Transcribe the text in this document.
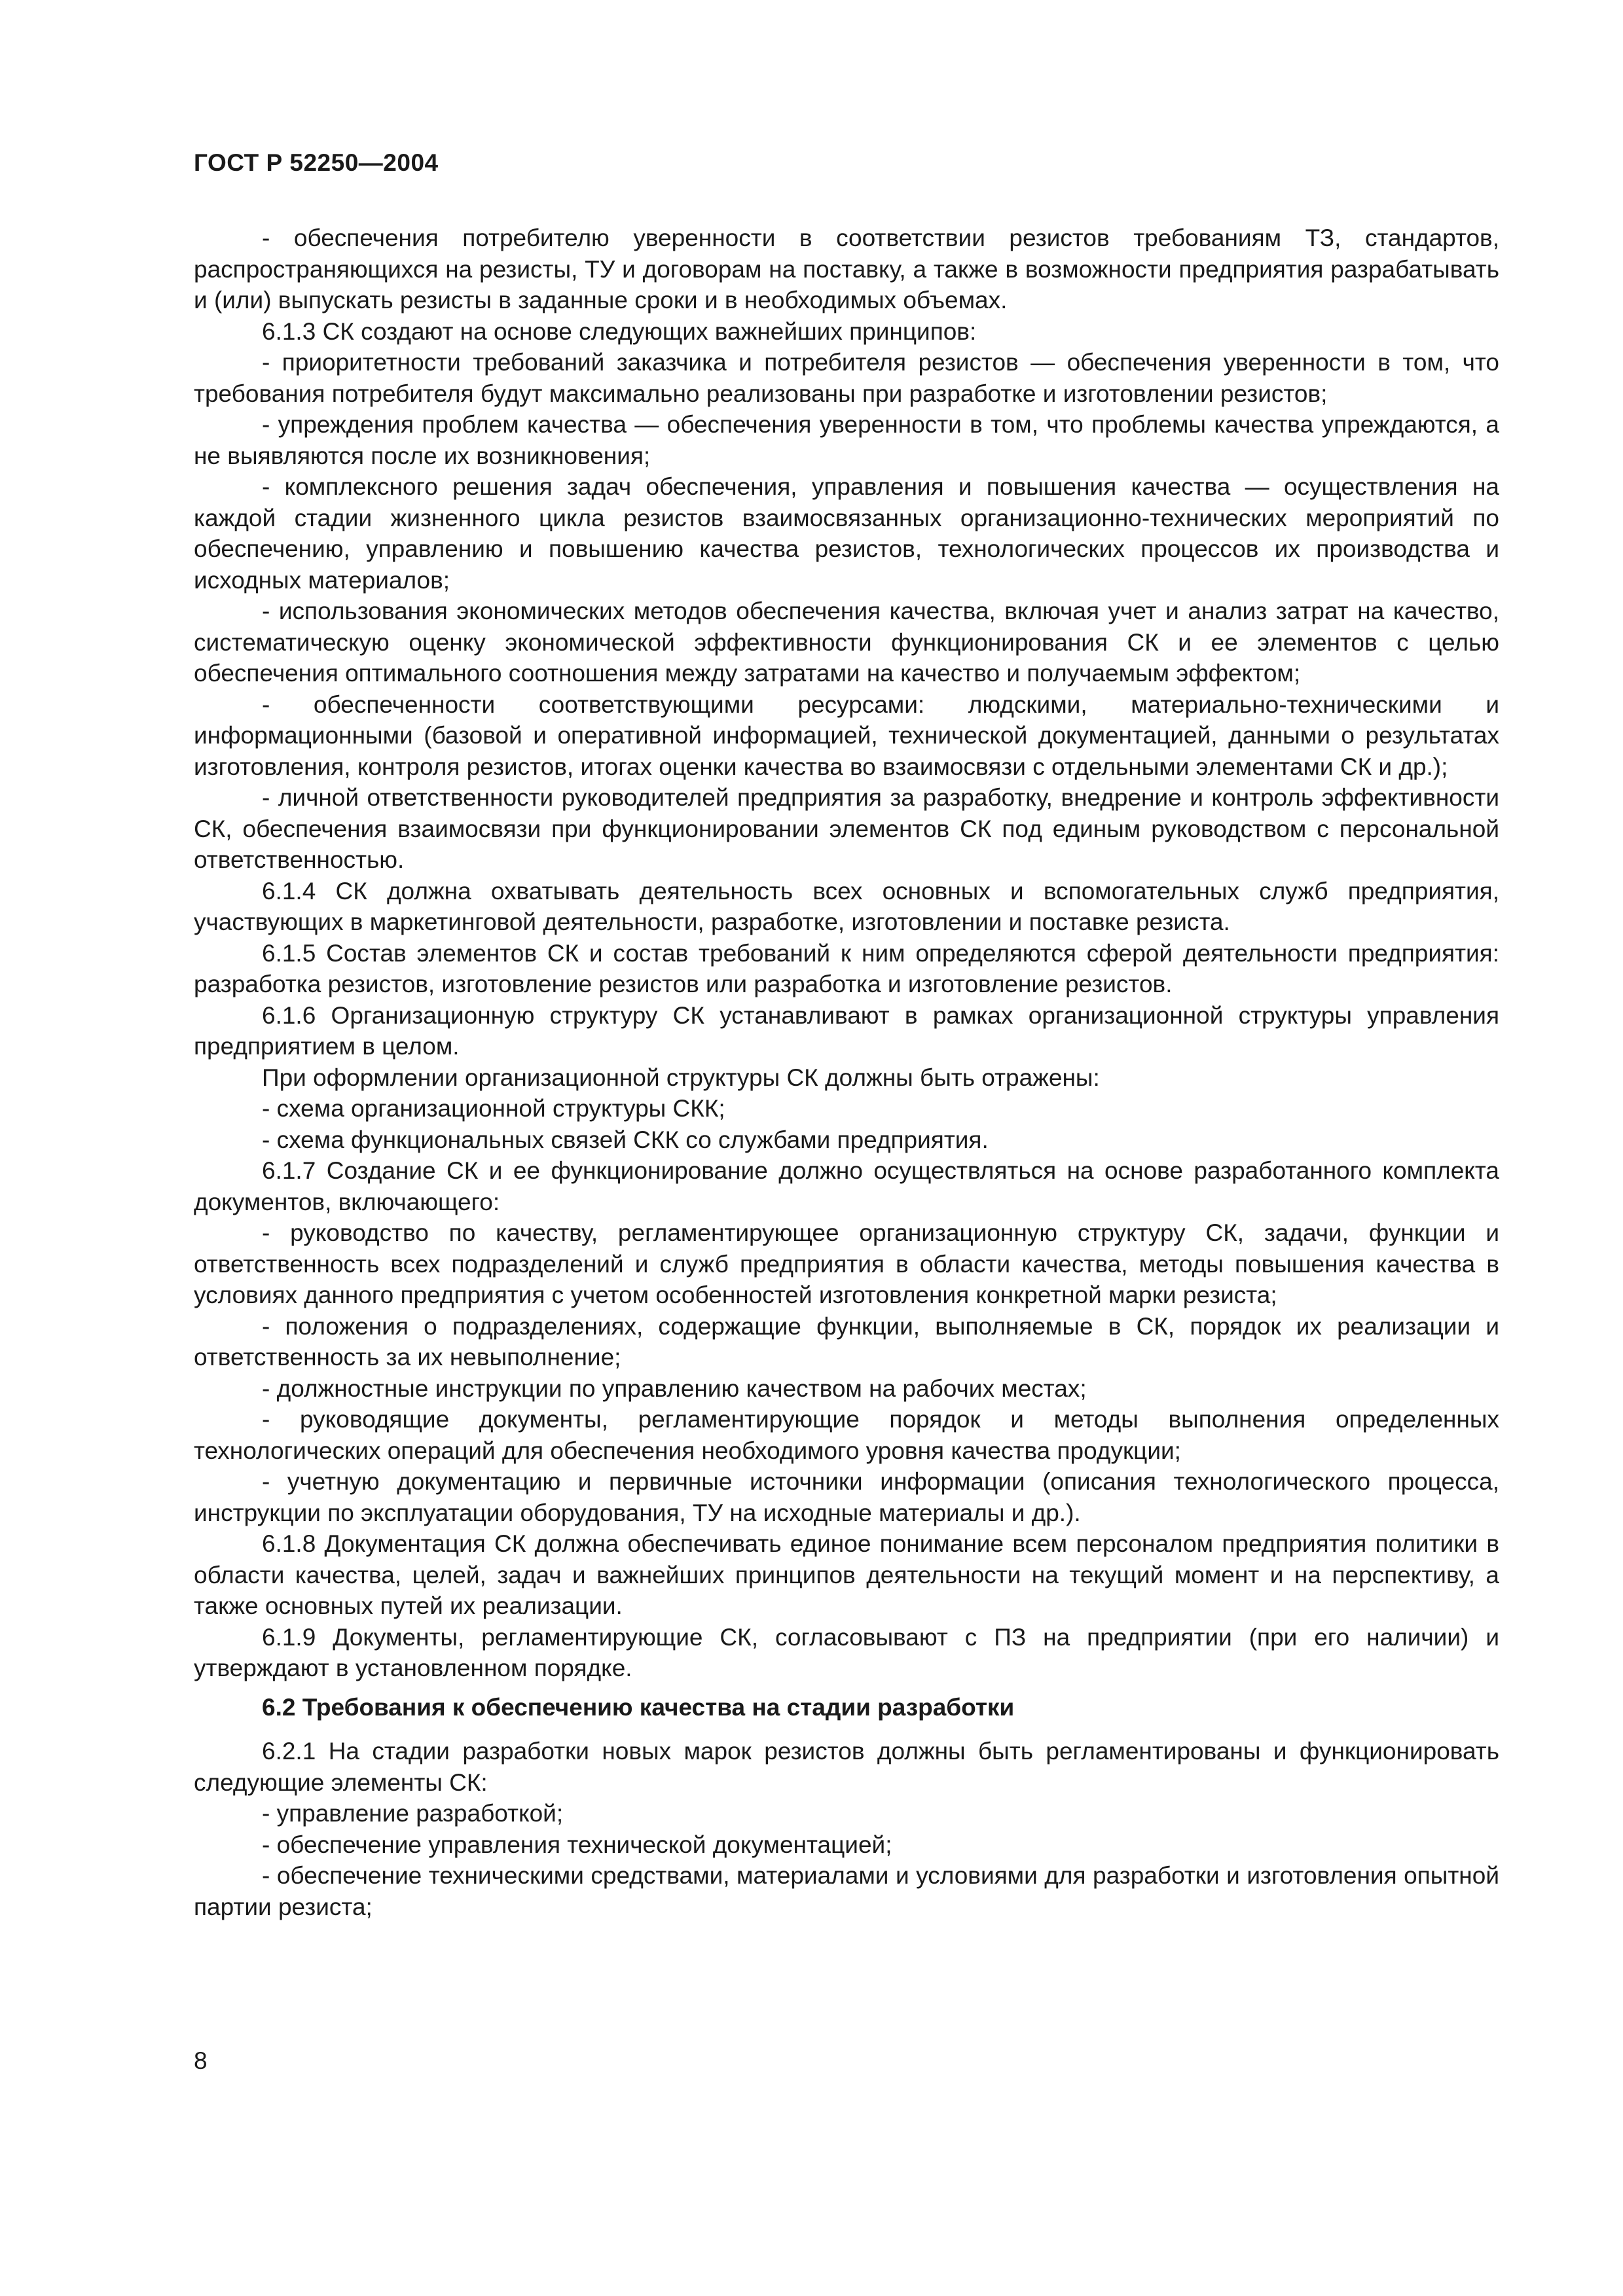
ГОСТ Р 52250—2004

- обеспечения потребителю уверенности в соответствии резистов требованиям ТЗ, стандартов, распространяющихся на резисты, ТУ и договорам на поставку, а также в возможности предприятия разрабатывать и (или) выпускать резисты в заданные сроки и в необходимых объемах.

6.1.3 СК создают на основе следующих важнейших принципов:

- приоритетности требований заказчика и потребителя резистов — обеспечения уверенности в том, что требования потребителя будут максимально реализованы при разработке и изготовлении резистов;

- упреждения проблем качества — обеспечения уверенности в том, что проблемы качества упреждаются, а не выявляются после их возникновения;

- комплексного решения задач обеспечения, управления и повышения качества — осуществления на каждой стадии жизненного цикла резистов взаимосвязанных организационно-технических мероприятий по обеспечению, управлению и повышению качества резистов, технологических процессов их производства и исходных материалов;

- использования экономических методов обеспечения качества, включая учет и анализ затрат на качество, систематическую оценку экономической эффективности функционирования СК и ее элементов с целью обеспечения оптимального соотношения между затратами на качество и получаемым эффектом;

- обеспеченности соответствующими ресурсами: людскими, материально-техническими и информационными (базовой и оперативной информацией, технической документацией, данными о результатах изготовления, контроля резистов, итогах оценки качества во взаимосвязи с отдельными элементами СК и др.);

- личной ответственности руководителей предприятия за разработку, внедрение и контроль эффективности СК, обеспечения взаимосвязи при функционировании элементов СК под единым руководством с персональной ответственностью.

6.1.4 СК должна охватывать деятельность всех основных и вспомогательных служб предприятия, участвующих в маркетинговой деятельности, разработке, изготовлении и поставке резиста.

6.1.5 Состав элементов СК и состав требований к ним определяются сферой деятельности предприятия: разработка резистов, изготовление резистов или разработка и изготовление резистов.

6.1.6 Организационную структуру СК устанавливают в рамках организационной структуры управления предприятием в целом.

При оформлении организационной структуры СК должны быть отражены:

- схема организационной структуры СКК;

- схема функциональных связей СКК со службами предприятия.

6.1.7 Создание СК и ее функционирование должно осуществляться на основе разработанного комплекта документов, включающего:

- руководство по качеству, регламентирующее организационную структуру СК, задачи, функции и ответственность всех подразделений и служб предприятия в области качества, методы повышения качества в условиях данного предприятия с учетом особенностей изготовления конкретной марки резиста;

- положения о подразделениях, содержащие функции, выполняемые в СК, порядок их реализации и ответственность за их невыполнение;

- должностные инструкции по управлению качеством на рабочих местах;

- руководящие документы, регламентирующие порядок и методы выполнения определенных технологических операций для обеспечения необходимого уровня качества продукции;

- учетную документацию и первичные источники информации (описания технологического процесса, инструкции по эксплуатации оборудования, ТУ на исходные материалы и др.).

6.1.8 Документация СК должна обеспечивать единое понимание всем персоналом предприятия политики в области качества, целей, задач и важнейших принципов деятельности на текущий момент и на перспективу, а также основных путей их реализации.

6.1.9 Документы, регламентирующие СК, согласовывают с ПЗ на предприятии (при его наличии) и утверждают в установленном порядке.

6.2 Требования к обеспечению качества на стадии разработки

6.2.1 На стадии разработки новых марок резистов должны быть регламентированы и функционировать следующие элементы СК:

- управление разработкой;

- обеспечение управления технической документацией;

- обеспечение техническими средствами, материалами и условиями для разработки и изготовления опытной партии резиста;

8
